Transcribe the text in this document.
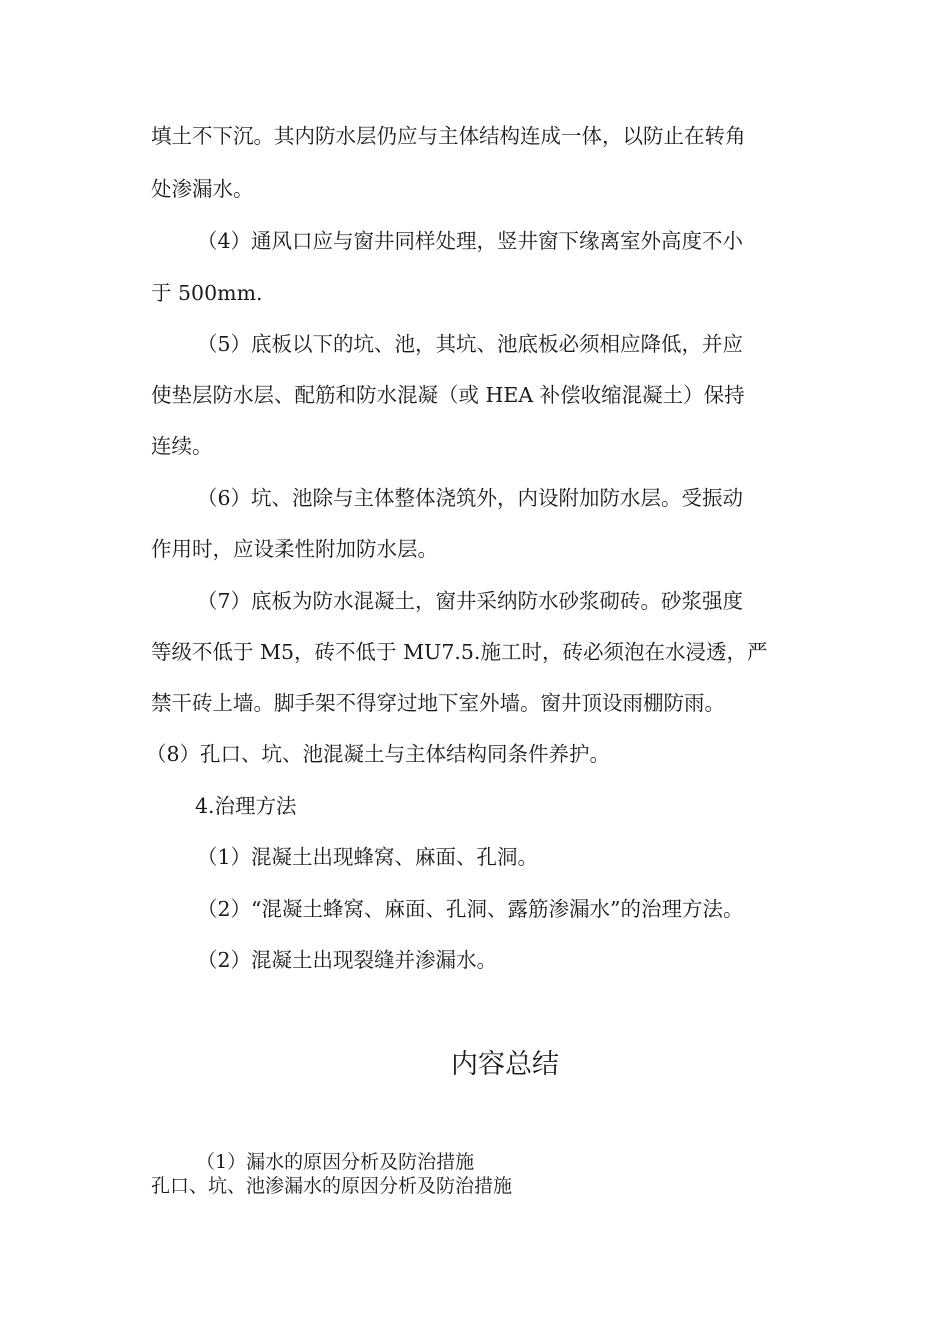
填土不下沉。其内防水层仍应与主体结构连成一体，以防止在转角
处渗漏水。
（4）通风口应与窗井同样处理，竖井窗下缘离室外高度不小
于 500mm.
（5）底板以下的坑、池，其坑、池底板必须相应降低，并应
使垫层防水层、配筋和防水混凝（或 HEA 补偿收缩混凝土）保持
连续。
（6）坑、池除与主体整体浇筑外，内设附加防水层。受振动
作用时，应设柔性附加防水层。
（7）底板为防水混凝土，窗井采纳防水砂浆砌砖。砂浆强度
等级不低于 M5，砖不低于 MU7.5.施工时，砖必须泡在水浸透，严
禁干砖上墙。脚手架不得穿过地下室外墙。窗井顶设雨棚防雨。
（8）孔口、坑、池混凝土与主体结构同条件养护。
4.治理方法
（1）混凝土出现蜂窝、麻面、孔洞。
（2）“混凝土蜂窝、麻面、孔洞、露筋渗漏水”的治理方法。
（2）混凝土出现裂缝并渗漏水。
内容总结
（1）漏水的原因分析及防治措施
孔口、坑、池渗漏水的原因分析及防治措施
